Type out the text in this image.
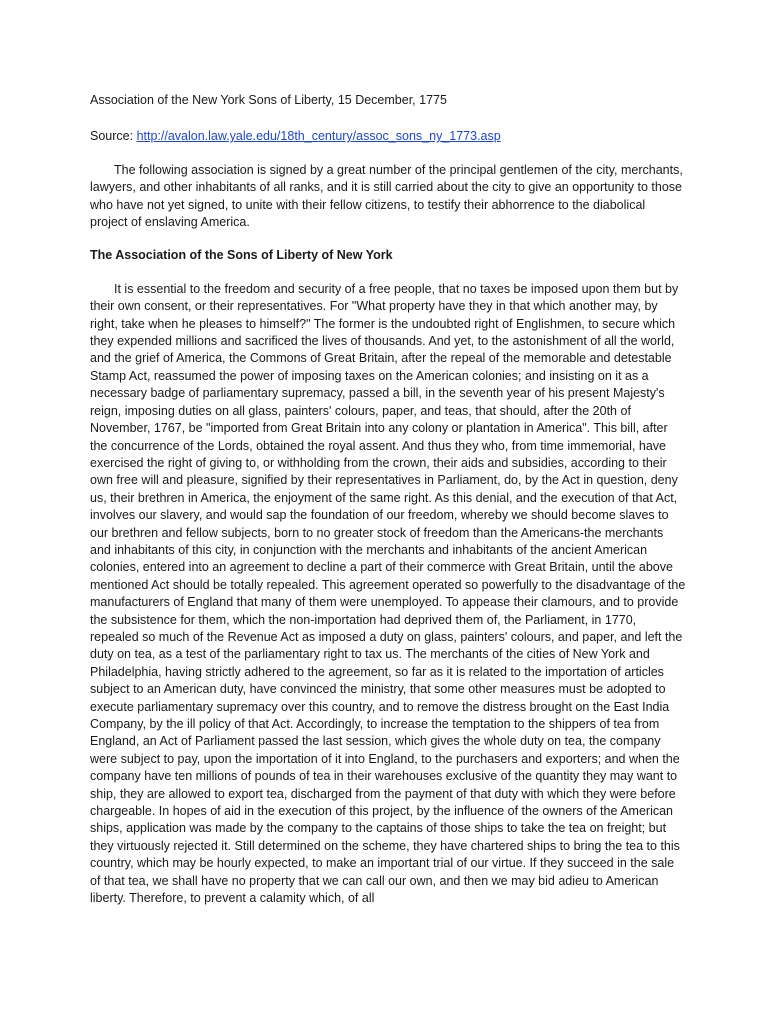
Association of the New York Sons of Liberty, 15 December, 1775

Source: http://avalon.law.yale.edu/18th_century/assoc_sons_ny_1773.asp

The following association is signed by a great number of the principal gentlemen of the city, merchants, lawyers, and other inhabitants of all ranks, and it is still carried about the city to give an opportunity to those who have not yet signed, to unite with their fellow citizens, to testify their abhorrence to the diabolical project of enslaving America.

The Association of the Sons of Liberty of New York

It is essential to the freedom and security of a free people, that no taxes be imposed upon them but by their own consent, or their representatives. For "What property have they in that which another may, by right, take when he pleases to himself?" The former is the undoubted right of Englishmen, to secure which they expended millions and sacrificed the lives of thousands. And yet, to the astonishment of all the world, and the grief of America, the Commons of Great Britain, after the repeal of the memorable and detestable Stamp Act, reassumed the power of imposing taxes on the American colonies; and insisting on it as a necessary badge of parliamentary supremacy, passed a bill, in the seventh year of his present Majesty's reign, imposing duties on all glass, painters' colours, paper, and teas, that should, after the 20th of November, 1767, be "imported from Great Britain into any colony or plantation in America". This bill, after the concurrence of the Lords, obtained the royal assent. And thus they who, from time immemorial, have exercised the right of giving to, or withholding from the crown, their aids and subsidies, according to their own free will and pleasure, signified by their representatives in Parliament, do, by the Act in question, deny us, their brethren in America, the enjoyment of the same right. As this denial, and the execution of that Act, involves our slavery, and would sap the foundation of our freedom, whereby we should become slaves to our brethren and fellow subjects, born to no greater stock of freedom than the Americans-the merchants and inhabitants of this city, in conjunction with the merchants and inhabitants of the ancient American colonies, entered into an agreement to decline a part of their commerce with Great Britain, until the above mentioned Act should be totally repealed. This agreement operated so powerfully to the disadvantage of the manufacturers of England that many of them were unemployed. To appease their clamours, and to provide the subsistence for them, which the non-importation had deprived them of, the Parliament, in 1770, repealed so much of the Revenue Act as imposed a duty on glass, painters' colours, and paper, and left the duty on tea, as a test of the parliamentary right to tax us. The merchants of the cities of New York and Philadelphia, having strictly adhered to the agreement, so far as it is related to the importation of articles subject to an American duty, have convinced the ministry, that some other measures must be adopted to execute parliamentary supremacy over this country, and to remove the distress brought on the East India Company, by the ill policy of that Act. Accordingly, to increase the temptation to the shippers of tea from England, an Act of Parliament passed the last session, which gives the whole duty on tea, the company were subject to pay, upon the importation of it into England, to the purchasers and exporters; and when the company have ten millions of pounds of tea in their warehouses exclusive of the quantity they may want to ship, they are allowed to export tea, discharged from the payment of that duty with which they were before chargeable. In hopes of aid in the execution of this project, by the influence of the owners of the American ships, application was made by the company to the captains of those ships to take the tea on freight; but they virtuously rejected it. Still determined on the scheme, they have chartered ships to bring the tea to this country, which may be hourly expected, to make an important trial of our virtue. If they succeed in the sale of that tea, we shall have no property that we can call our own, and then we may bid adieu to American liberty. Therefore, to prevent a calamity which, of all
